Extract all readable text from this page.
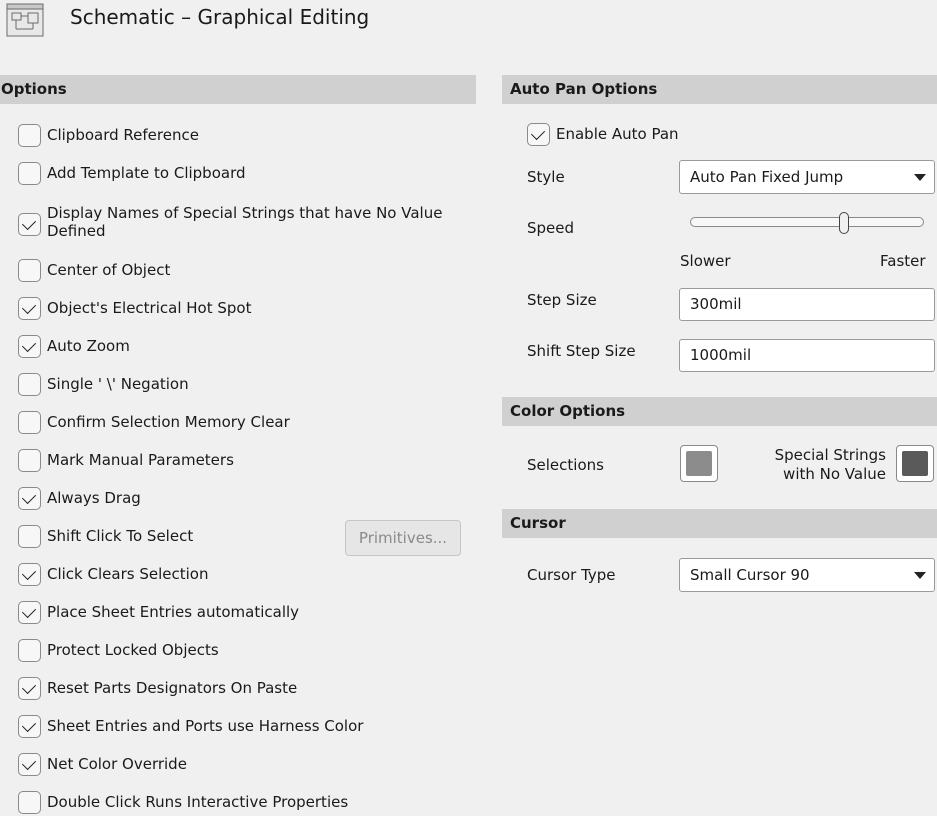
Schematic – Graphical Editing
Options
Clipboard Reference
Add Template to Clipboard
Display Names of Special Strings that have No Value Defined
Center of Object
Object's Electrical Hot Spot
Auto Zoom
Single ' \' Negation
Confirm Selection Memory Clear
Mark Manual Parameters
Always Drag
Shift Click To Select
Click Clears Selection
Place Sheet Entries automatically
Protect Locked Objects
Reset Parts Designators On Paste
Sheet Entries and Ports use Harness Color
Net Color Override
Double Click Runs Interactive Properties
Primitives...
Auto Pan Options
Enable Auto Pan
Style	Auto Pan Fixed Jump
Speed
Slower	Faster
Step Size	300mil
Shift Step Size	1000mil
Color Options
Selections
Special Strings with No Value
Cursor
Cursor Type	Small Cursor 90
